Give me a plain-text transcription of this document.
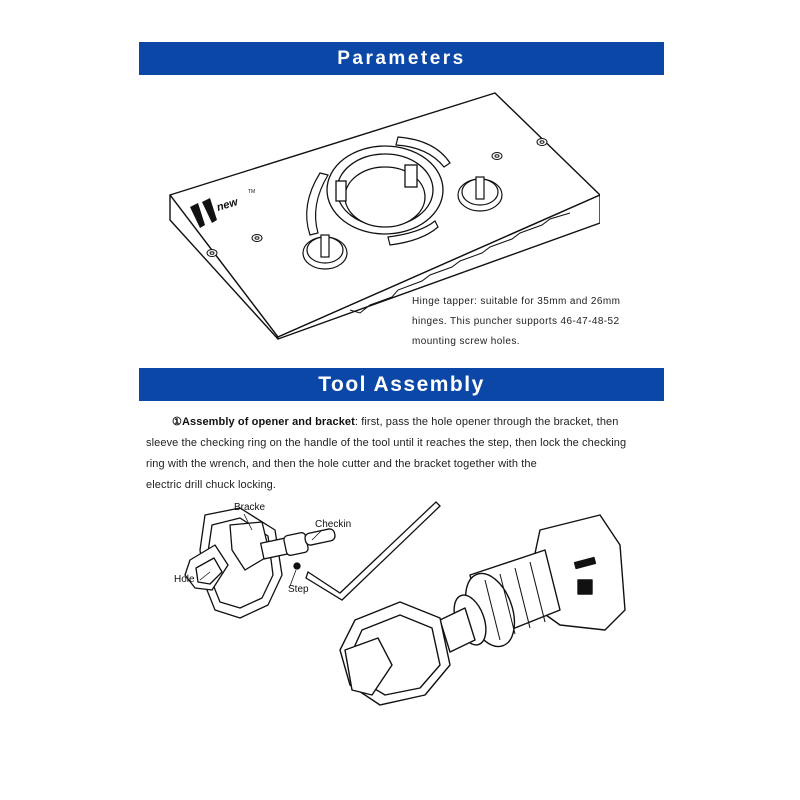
Parameters
new
TM
Hinge tapper: suitable for 35mm and 26mm
hinges. This puncher supports 46-47-48-52
mounting screw holes.
Tool Assembly
①Assembly of opener and bracket: first, pass the hole opener through the bracket, then
sleeve the checking ring on the handle of the tool until it reaches the step, then lock the checking
ring with the wrench, and then the hole cutter and the bracket together with the
electric drill chuck locking.
Bracke
Checkin
Hole
Step
